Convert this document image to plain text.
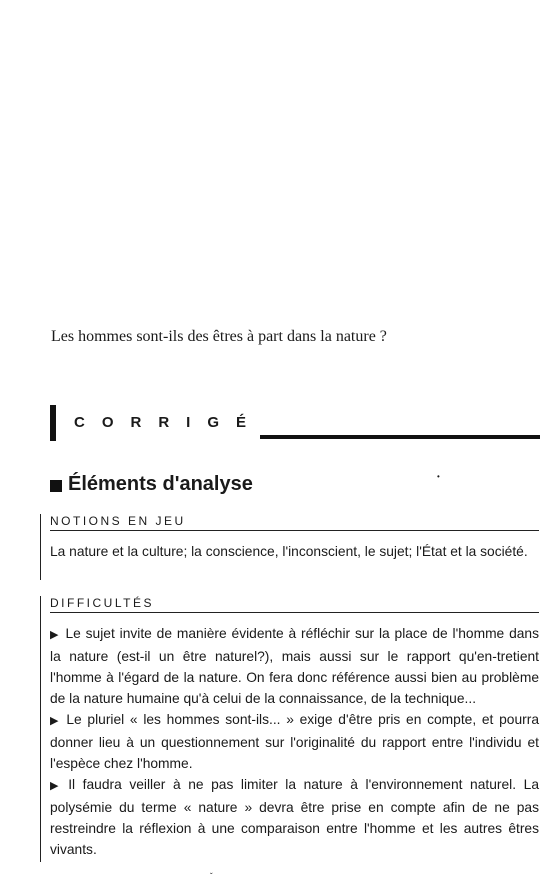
Les hommes sont-ils des êtres à part dans la nature ?
CORRIGÉ
•
Éléments d'analyse
NOTIONS EN JEU

La nature et la culture; la conscience, l'inconscient, le sujet; l'État et la société.

DIFFICULTÉS

▶ Le sujet invite de manière évidente à réfléchir sur la place de l'homme dans la nature (est-il un être naturel?), mais aussi sur le rapport qu'en-tretient l'homme à l'égard de la nature. On fera donc référence aussi bien au problème de la nature humaine qu'à celui de la connaissance, de la technique...

▶ Le pluriel « les hommes sont-ils... » exige d'être pris en compte, et pourra donner lieu à un questionnement sur l'originalité du rapport entre l'individu et l'espèce chez l'homme.

▶ Il faudra veiller à ne pas limiter la nature à l'environnement naturel. La polysémie du terme « nature » devra être prise en compte afin de ne pas restreindre la réflexion à une comparaison entre l'homme et les autres êtres vivants.

ˇ
